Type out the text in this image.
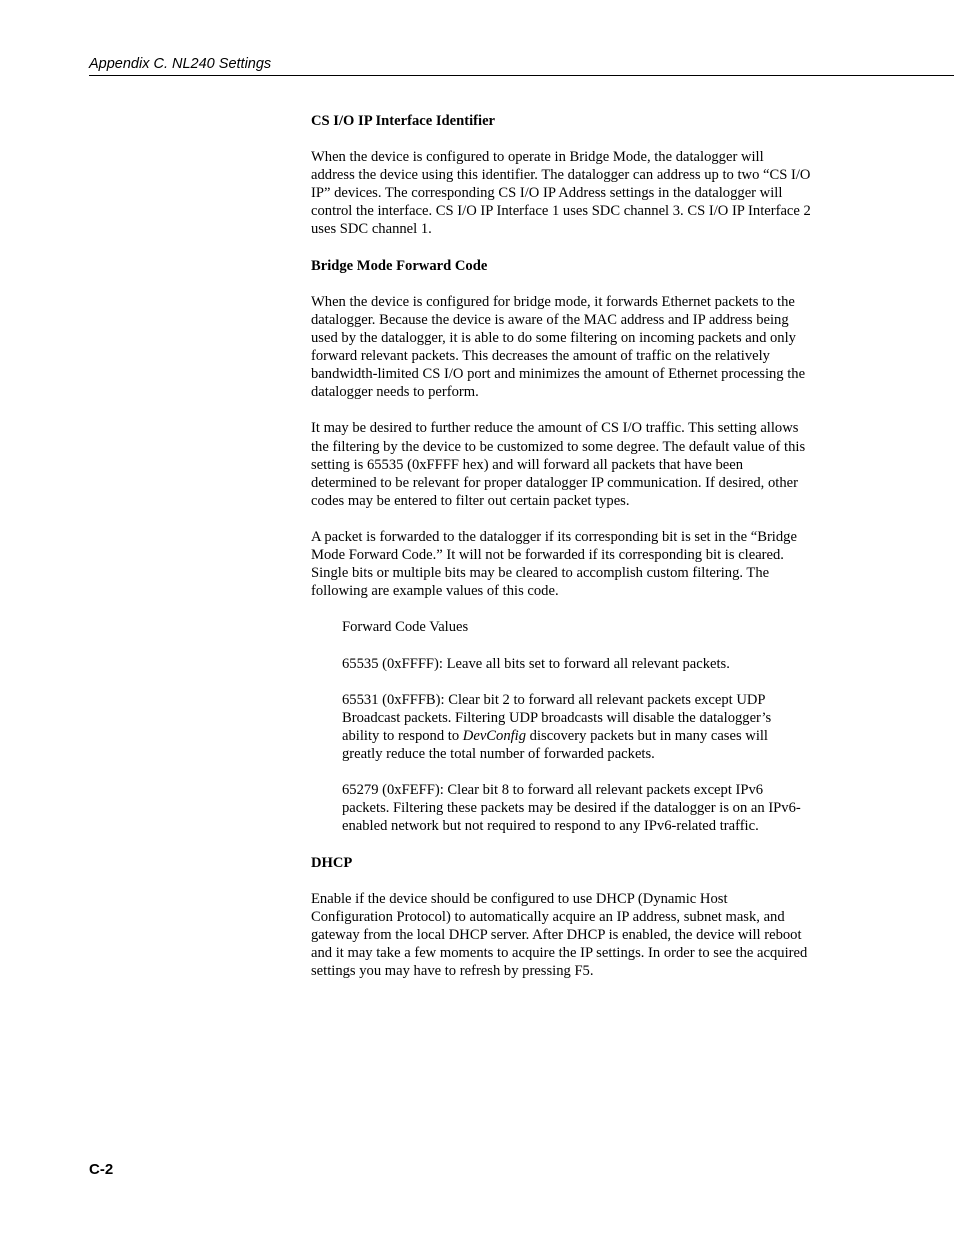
Appendix C. NL240 Settings
CS I/O IP Interface Identifier

When the device is configured to operate in Bridge Mode, the datalogger will address the device using this identifier. The datalogger can address up to two “CS I/O IP” devices. The corresponding CS I/O IP Address settings in the datalogger will control the interface. CS I/O IP Interface 1 uses SDC channel 3. CS I/O IP Interface 2 uses SDC channel 1.

Bridge Mode Forward Code

When the device is configured for bridge mode, it forwards Ethernet packets to the datalogger. Because the device is aware of the MAC address and IP address being used by the datalogger, it is able to do some filtering on incoming packets and only forward relevant packets. This decreases the amount of traffic on the relatively bandwidth-limited CS I/O port and minimizes the amount of Ethernet processing the datalogger needs to perform.

It may be desired to further reduce the amount of CS I/O traffic. This setting allows the filtering by the device to be customized to some degree. The default value of this setting is 65535 (0xFFFF hex) and will forward all packets that have been determined to be relevant for proper datalogger IP communication. If desired, other codes may be entered to filter out certain packet types.

A packet is forwarded to the datalogger if its corresponding bit is set in the “Bridge Mode Forward Code.” It will not be forwarded if its corresponding bit is cleared. Single bits or multiple bits may be cleared to accomplish custom filtering. The following are example values of this code.

Forward Code Values

65535 (0xFFFF): Leave all bits set to forward all relevant packets.

65531 (0xFFFB): Clear bit 2 to forward all relevant packets except UDP Broadcast packets. Filtering UDP broadcasts will disable the datalogger’s ability to respond to DevConfig discovery packets but in many cases will greatly reduce the total number of forwarded packets.

65279 (0xFEFF): Clear bit 8 to forward all relevant packets except IPv6 packets. Filtering these packets may be desired if the datalogger is on an IPv6-enabled network but not required to respond to any IPv6-related traffic.

DHCP

Enable if the device should be configured to use DHCP (Dynamic Host Configuration Protocol) to automatically acquire an IP address, subnet mask, and gateway from the local DHCP server. After DHCP is enabled, the device will reboot and it may take a few moments to acquire the IP settings. In order to see the acquired settings you may have to refresh by pressing F5.

C-2
